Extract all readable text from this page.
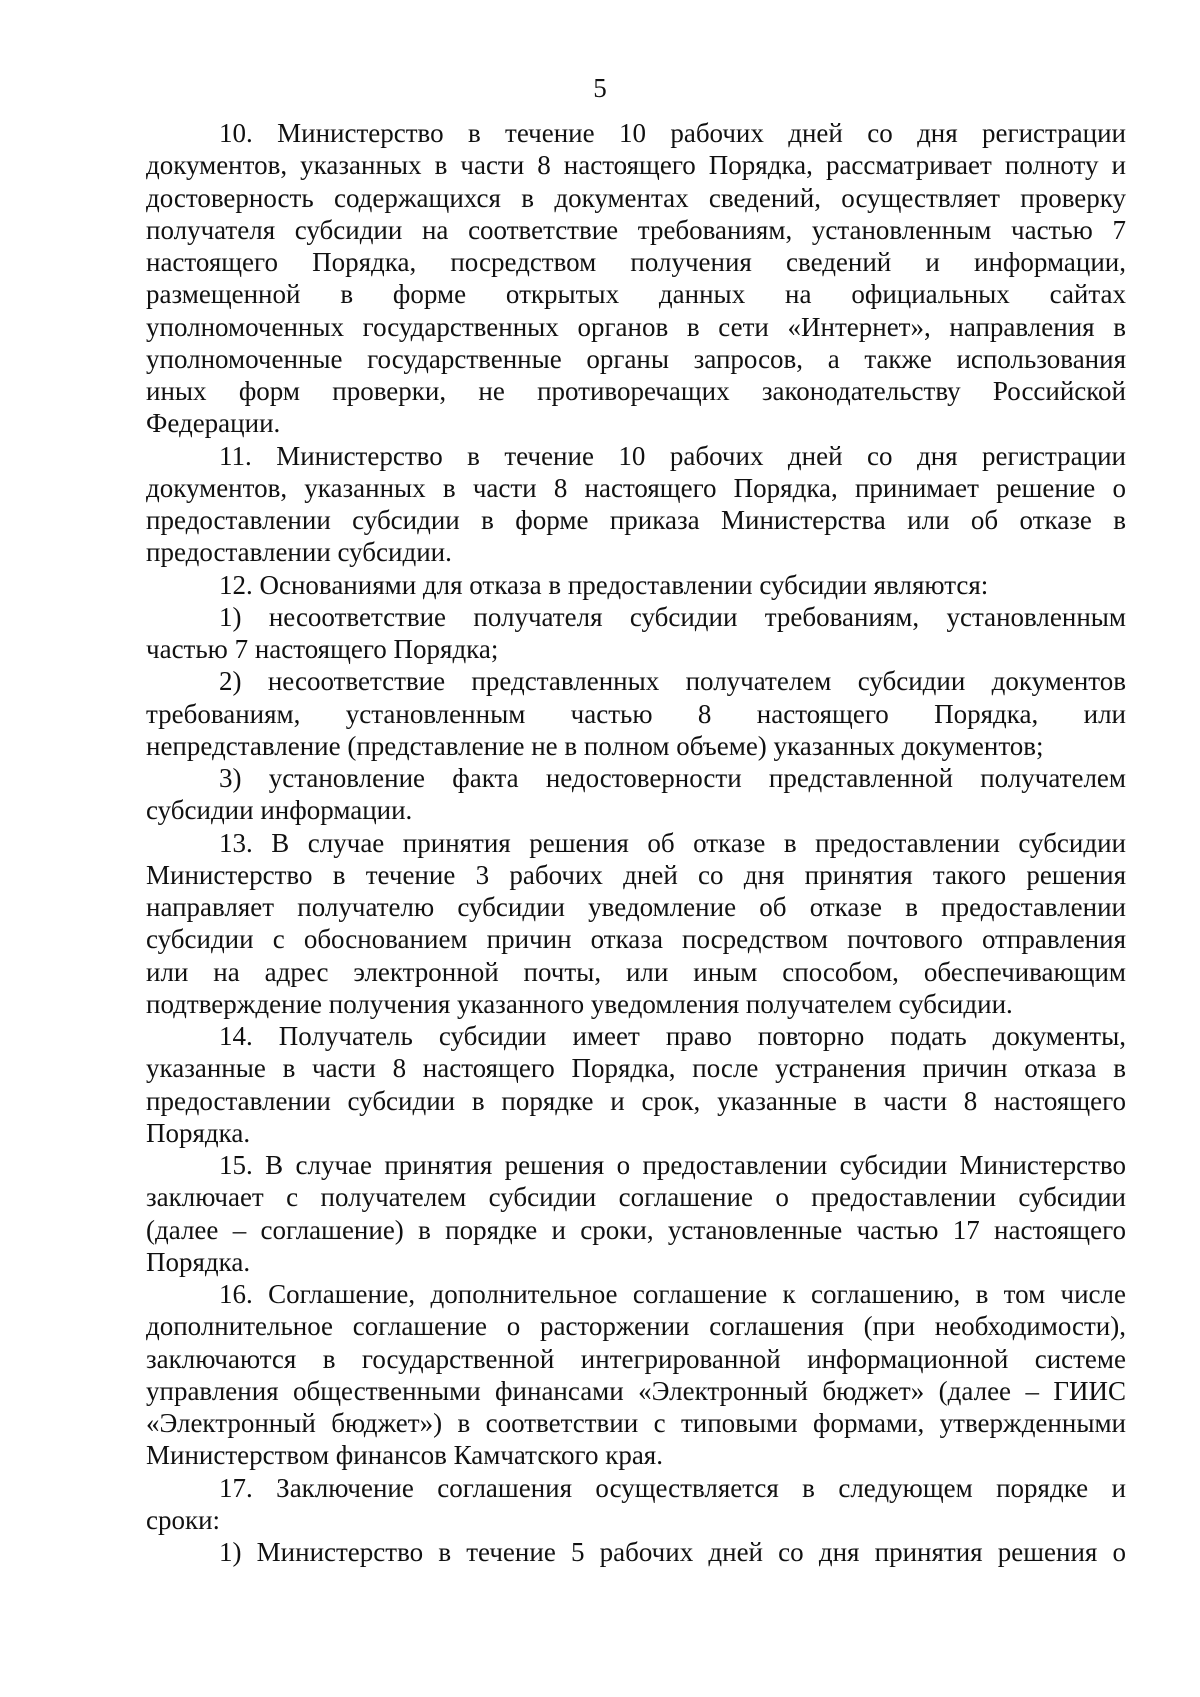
5
10. Министерство в течение 10 рабочих дней со дня регистрации
документов, указанных в части 8 настоящего Порядка, рассматривает полноту и
достоверность содержащихся в документах сведений, осуществляет проверку
получателя субсидии на соответствие требованиям, установленным частью 7
настоящего Порядка, посредством получения сведений и информации,
размещенной в форме открытых данных на официальных сайтах
уполномоченных государственных органов в сети «Интернет», направления в
уполномоченные государственные органы запросов, а также использования
иных форм проверки, не противоречащих законодательству Российской
Федерации.
11. Министерство в течение 10 рабочих дней со дня регистрации
документов, указанных в части 8 настоящего Порядка, принимает решение о
предоставлении субсидии в форме приказа Министерства или об отказе в
предоставлении субсидии.
12. Основаниями для отказа в предоставлении субсидии являются:
1) несоответствие получателя субсидии требованиям, установленным
частью 7 настоящего Порядка;
2) несоответствие представленных получателем субсидии документов
требованиям, установленным частью 8 настоящего Порядка, или
непредставление (представление не в полном объеме) указанных документов;
3) установление факта недостоверности представленной получателем
субсидии информации.
13. В случае принятия решения об отказе в предоставлении субсидии
Министерство в течение 3 рабочих дней со дня принятия такого решения
направляет получателю субсидии уведомление об отказе в предоставлении
субсидии с обоснованием причин отказа посредством почтового отправления
или на адрес электронной почты, или иным способом, обеспечивающим
подтверждение получения указанного уведомления получателем субсидии.
14. Получатель субсидии имеет право повторно подать документы,
указанные в части 8 настоящего Порядка, после устранения причин отказа в
предоставлении субсидии в порядке и срок, указанные в части 8 настоящего
Порядка.
15. В случае принятия решения о предоставлении субсидии Министерство
заключает с получателем субсидии соглашение о предоставлении субсидии
(далее – соглашение) в порядке и сроки, установленные частью 17 настоящего
Порядка.
16. Соглашение, дополнительное соглашение к соглашению, в том числе
дополнительное соглашение о расторжении соглашения (при необходимости),
заключаются в государственной интегрированной информационной системе
управления общественными финансами «Электронный бюджет» (далее – ГИИС
«Электронный бюджет») в соответствии с типовыми формами, утвержденными
Министерством финансов Камчатского края.
17. Заключение соглашения осуществляется в следующем порядке и
сроки:
1) Министерство в течение 5 рабочих дней со дня принятия решения о
